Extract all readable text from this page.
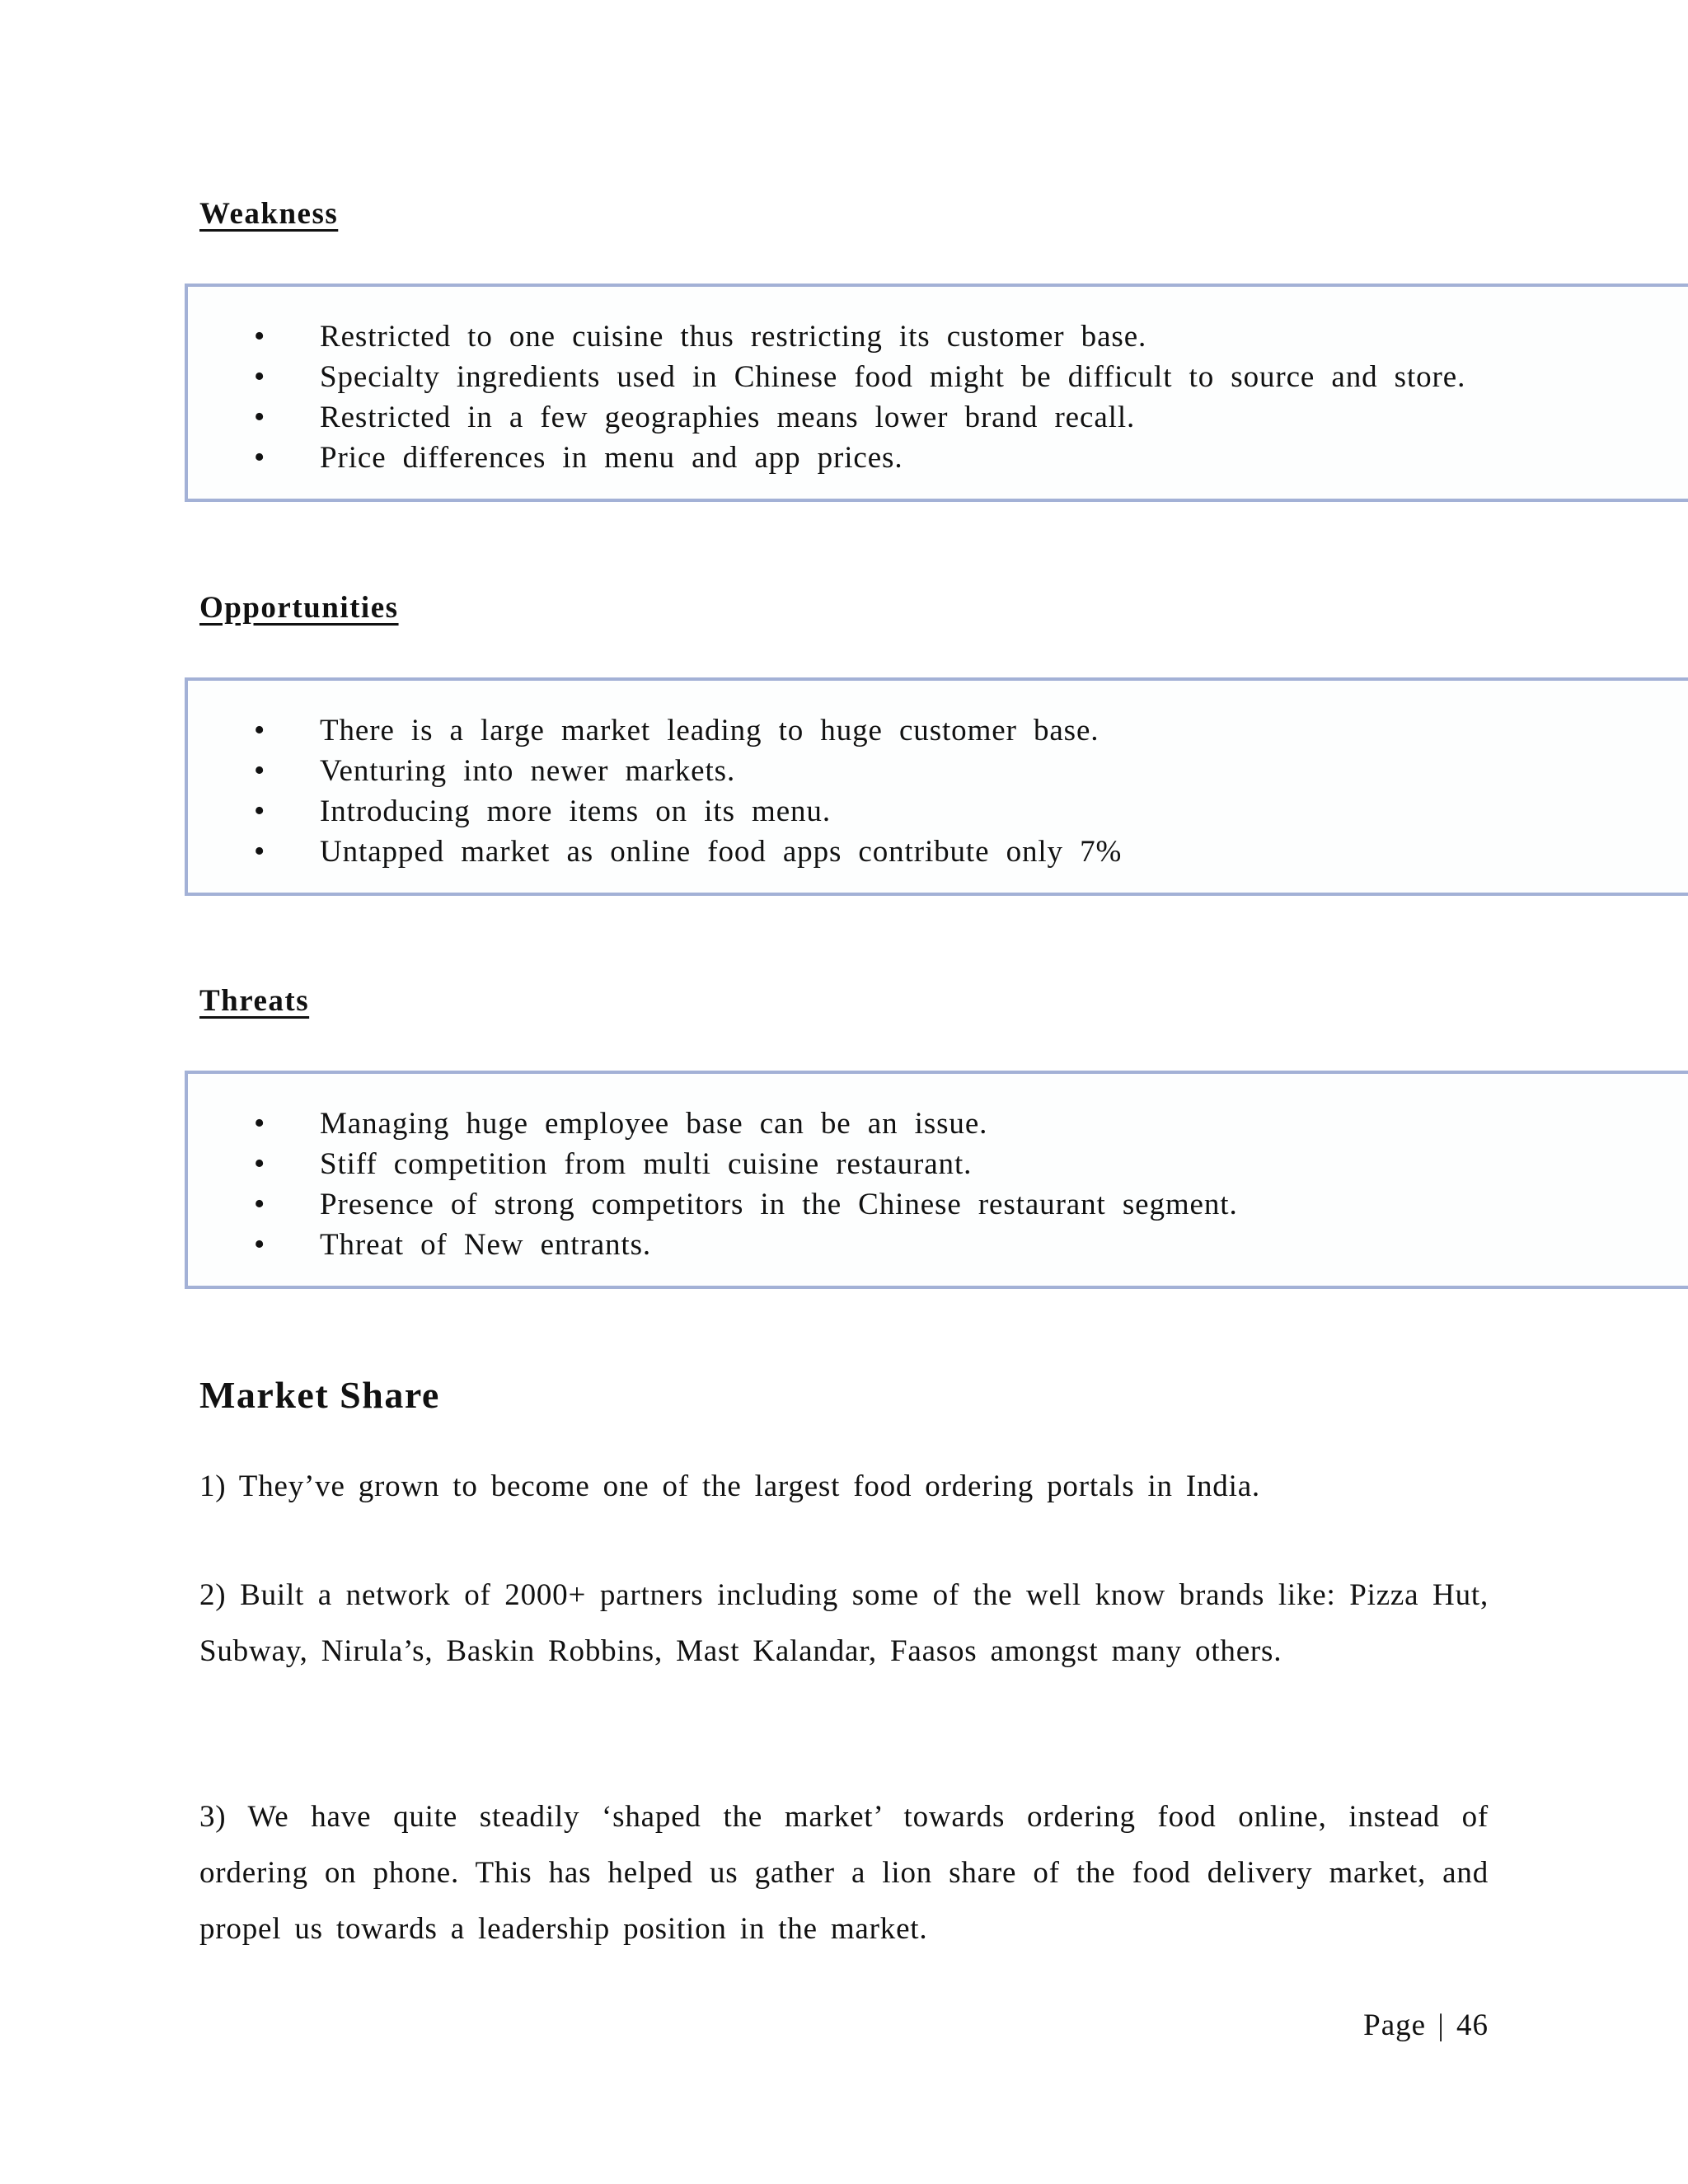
Weakness
• Restricted to one cuisine thus restricting its customer base.
• Specialty ingredients used in Chinese food might be difficult to source and store.
• Restricted in a few geographies means lower brand recall.
• Price differences in menu and app prices.
Opportunities
• There is a large market leading to huge customer base.
• Venturing into newer markets.
• Introducing more items on its menu.
• Untapped market as online food apps contribute only 7%
Threats
• Managing huge employee base can be an issue.
• Stiff competition from multi cuisine restaurant.
• Presence of strong competitors in the Chinese restaurant segment.
• Threat of New entrants.
Market Share

1) They’ve grown to become one of the largest food ordering portals in India.

2) Built a network of 2000+ partners including some of the well know brands like: Pizza Hut, Subway, Nirula’s, Baskin Robbins, Mast Kalandar, Faasos amongst many others.

3) We have quite steadily ‘shaped the market’ towards ordering food online, instead of ordering on phone. This has helped us gather a lion share of the food delivery market, and propel us towards a leadership position in the market.

Page | 46
